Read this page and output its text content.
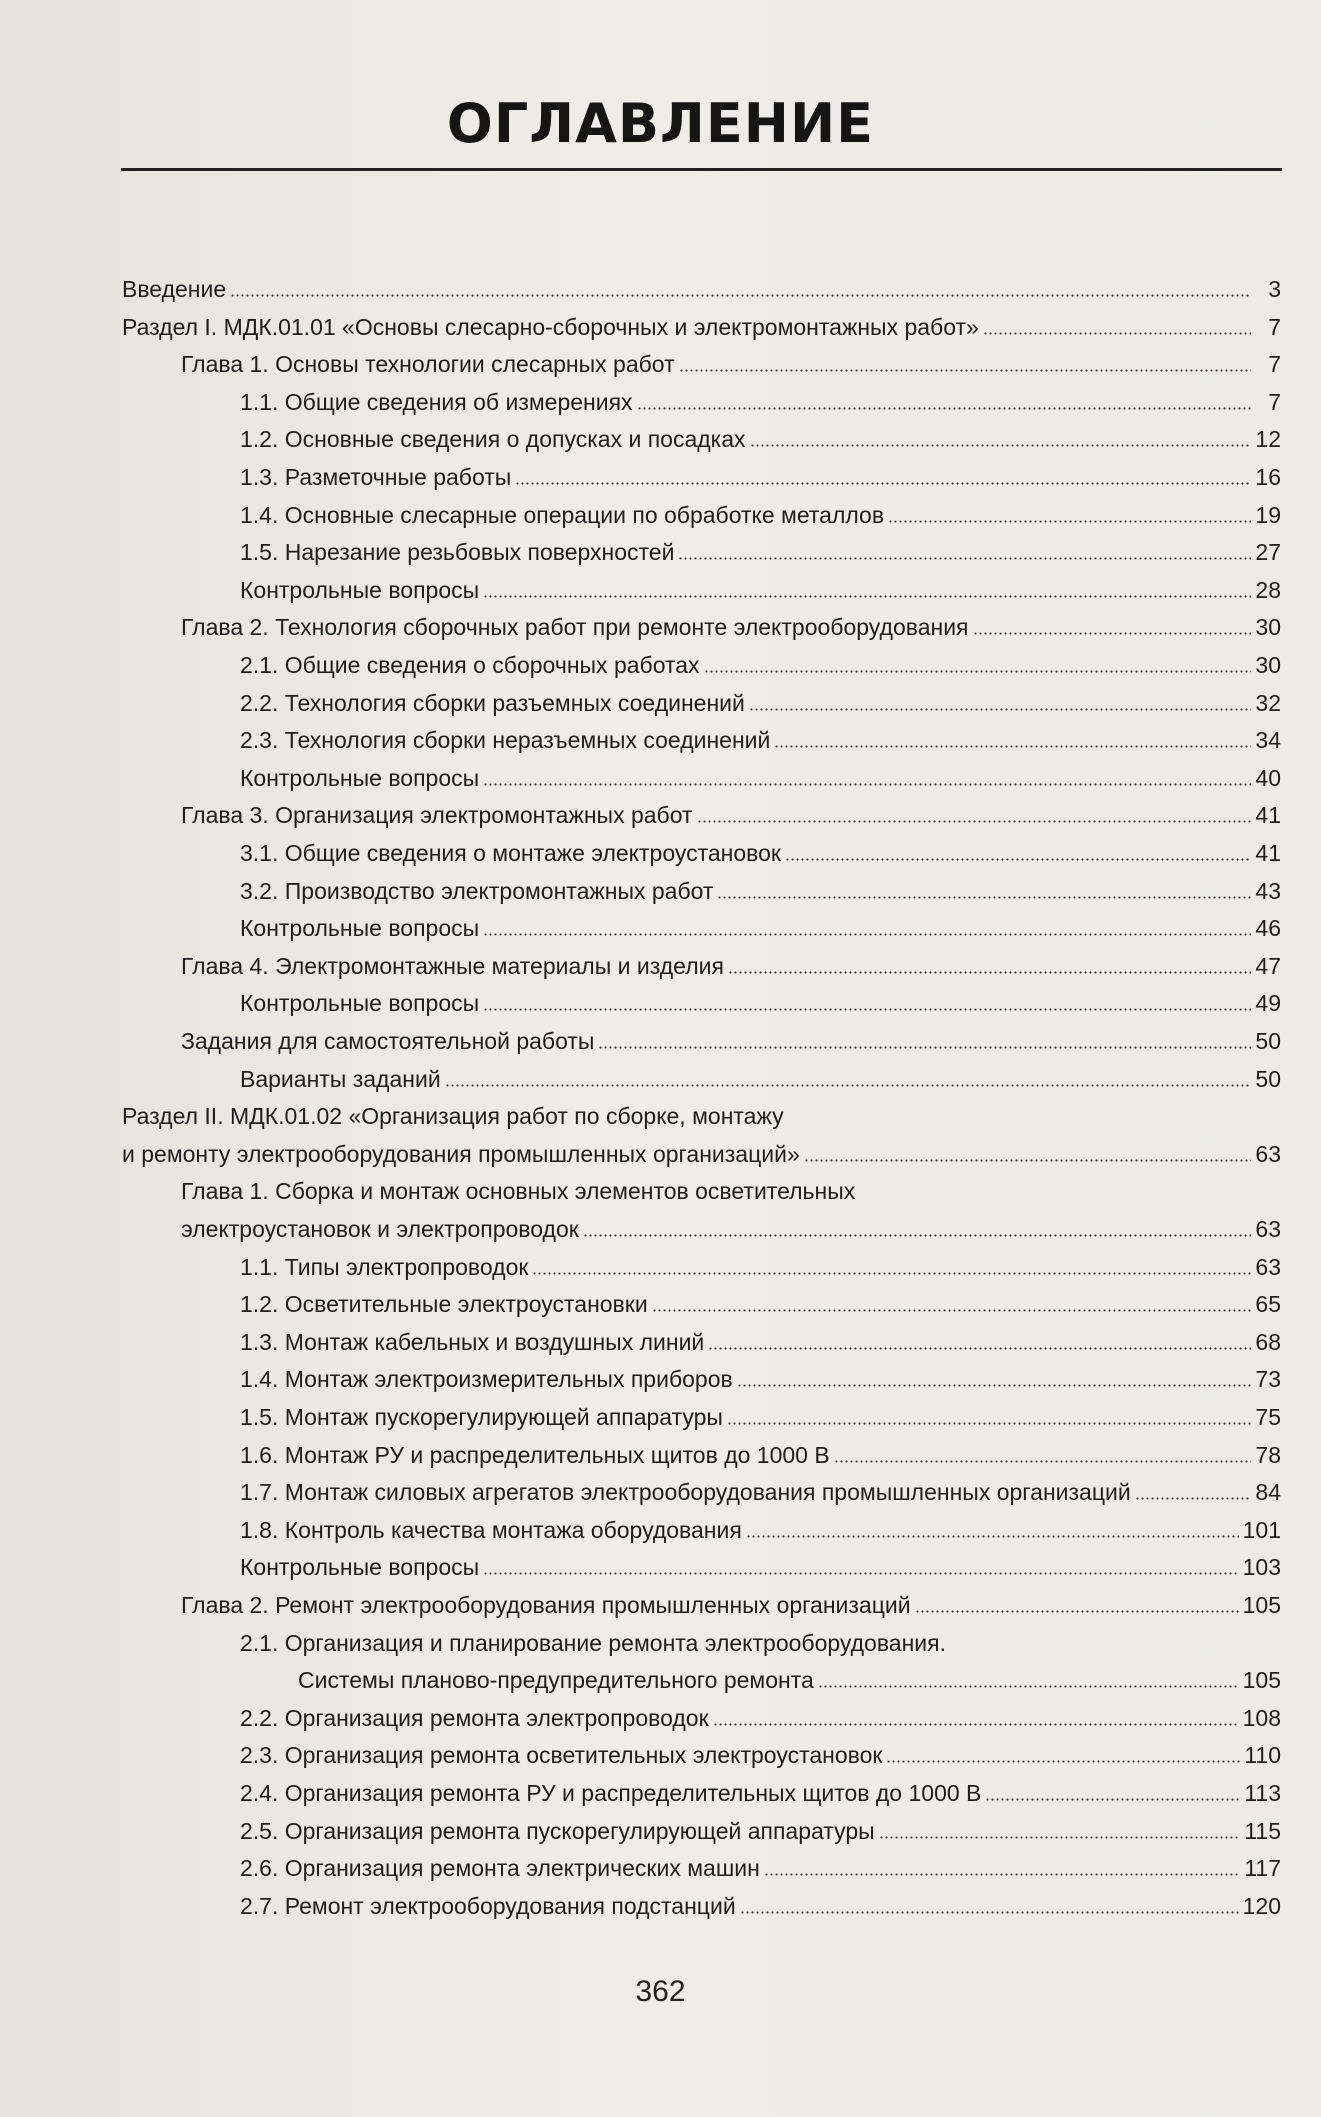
ОГЛАВЛЕНИЕ
Введение	3
Раздел I. МДК.01.01 «Основы слесарно-сборочных и электромонтажных работ»	7
Глава 1. Основы технологии слесарных работ	7
1.1. Общие сведения об измерениях	7
1.2. Основные сведения о допусках и посадках	12
1.3. Разметочные работы	16
1.4. Основные слесарные операции по обработке металлов	19
1.5. Нарезание резьбовых поверхностей	27
Контрольные вопросы	28
Глава 2. Технология сборочных работ при ремонте электрооборудования	30
2.1. Общие сведения о сборочных работах	30
2.2. Технология сборки разъемных соединений	32
2.3. Технология сборки неразъемных соединений	34
Контрольные вопросы	40
Глава 3. Организация электромонтажных работ	41
3.1. Общие сведения о монтаже электроустановок	41
3.2. Производство электромонтажных работ	43
Контрольные вопросы	46
Глава 4. Электромонтажные материалы и изделия	47
Контрольные вопросы	49
Задания для самостоятельной работы	50
Варианты заданий	50
Раздел II. МДК.01.02 «Организация работ по сборке, монтажу
и ремонту электрооборудования промышленных организаций»	63
Глава 1. Сборка и монтаж основных элементов осветительных
электроустановок и электропроводок	63
1.1. Типы электропроводок	63
1.2. Осветительные электроустановки	65
1.3. Монтаж кабельных и воздушных линий	68
1.4. Монтаж электроизмерительных приборов	73
1.5. Монтаж пускорегулирующей аппаратуры	75
1.6. Монтаж РУ и распределительных щитов до 1000 В	78
1.7. Монтаж силовых агрегатов электрооборудования промышленных организаций	84
1.8. Контроль качества монтажа оборудования	101
Контрольные вопросы	103
Глава 2. Ремонт электрооборудования промышленных организаций	105
2.1. Организация и планирование ремонта электрооборудования.
Системы планово-предупредительного ремонта	105
2.2. Организация ремонта электропроводок	108
2.3. Организация ремонта осветительных электроустановок	110
2.4. Организация ремонта РУ и распределительных щитов до 1000 В	113
2.5. Организация ремонта пускорегулирующей аппаратуры	115
2.6. Организация ремонта электрических машин	117
2.7. Ремонт электрооборудования подстанций	120
362
